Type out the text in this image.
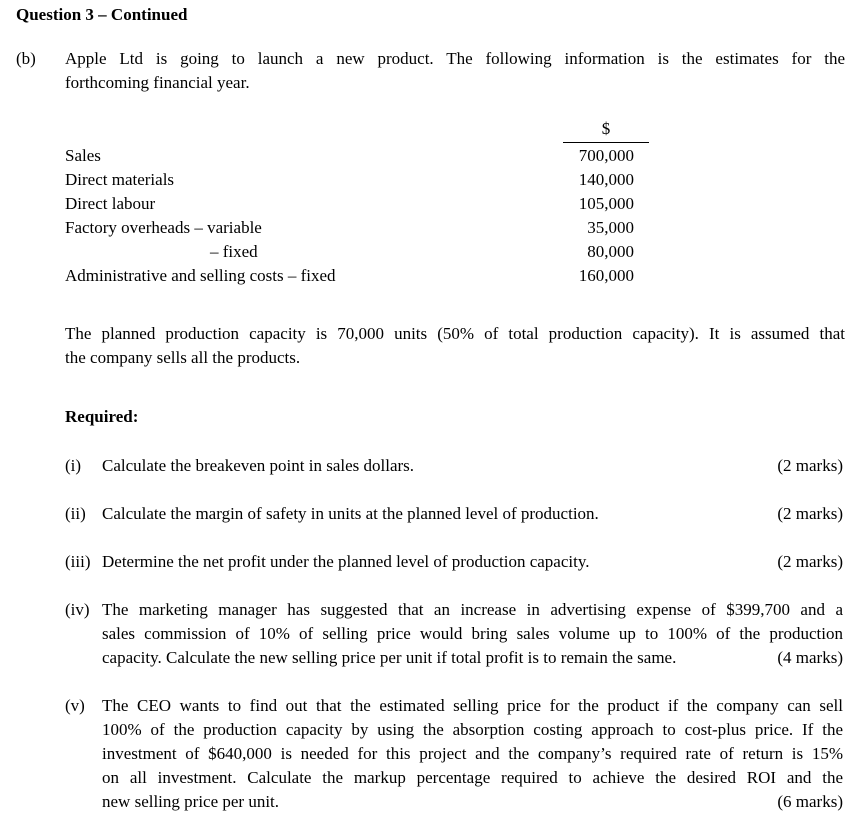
Question 3 – Continued
(b) Apple Ltd is going to launch a new product. The following information is the estimates for the
forthcoming financial year.
$
Sales	700,000
Direct materials	140,000
Direct labour	105,000
Factory overheads – variable	35,000
– fixed	80,000
Administrative and selling costs – fixed	160,000
The planned production capacity is 70,000 units (50% of total production capacity). It is assumed that
the company sells all the products.
Required:
(i) Calculate the breakeven point in sales dollars.	(2 marks)
(ii) Calculate the margin of safety in units at the planned level of production.	(2 marks)
(iii) Determine the net profit under the planned level of production capacity.	(2 marks)
(iv) The marketing manager has suggested that an increase in advertising expense of $399,700 and a
sales commission of 10% of selling price would bring sales volume up to 100% of the production
capacity. Calculate the new selling price per unit if total profit is to remain the same.	(4 marks)
(v) The CEO wants to find out that the estimated selling price for the product if the company can sell
100% of the production capacity by using the absorption costing approach to cost-plus price. If the
investment of $640,000 is needed for this project and the company’s required rate of return is 15%
on all investment. Calculate the markup percentage required to achieve the desired ROI and the
new selling price per unit.	(6 marks)
